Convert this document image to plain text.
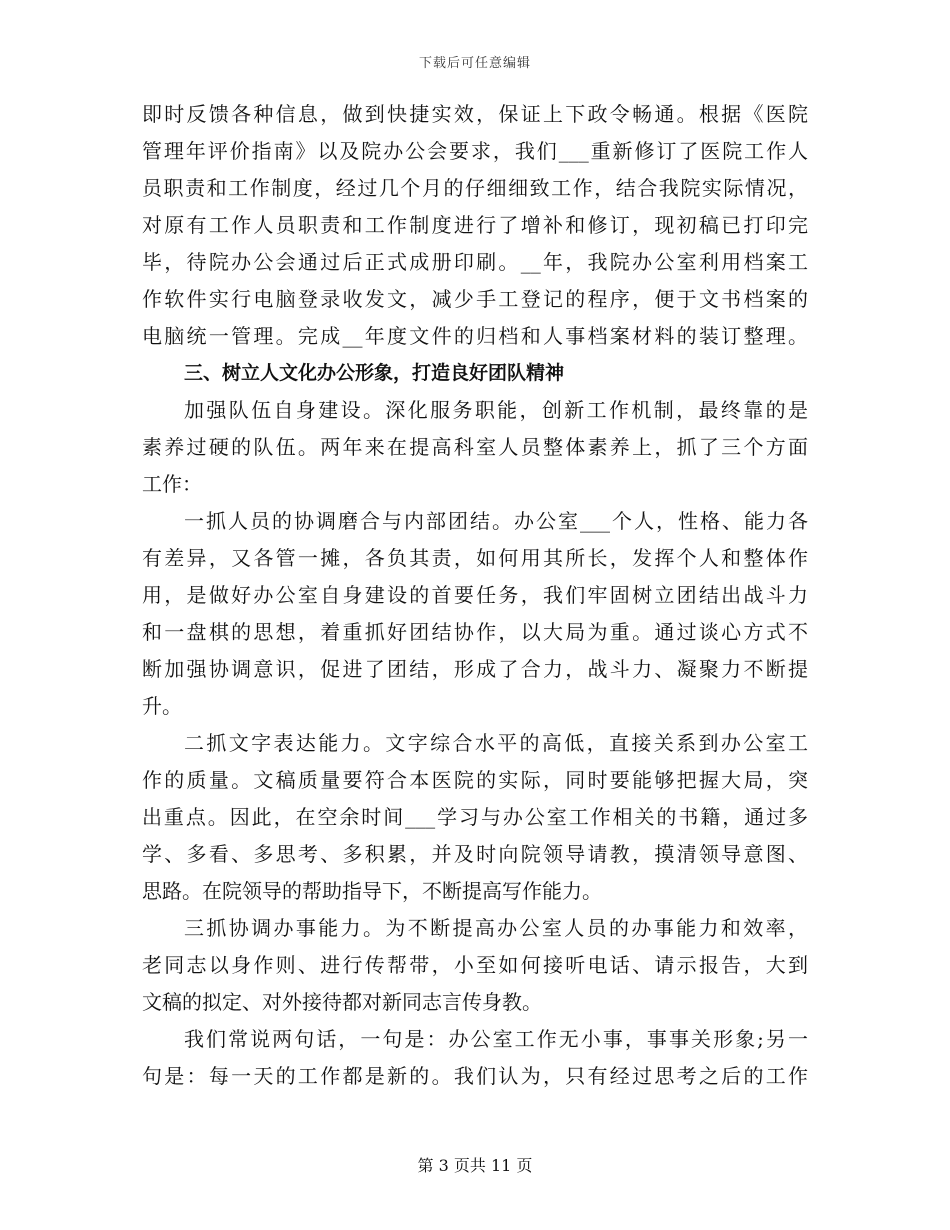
下载后可任意编辑
即时反馈各种信息，做到快捷实效，保证上下政令畅通。根据《医院
管理年评价指南》以及院办公会要求，我们___重新修订了医院工作人
员职责和工作制度，经过几个月的仔细细致工作，结合我院实际情况，
对原有工作人员职责和工作制度进行了增补和修订，现初稿已打印完
毕，待院办公会通过后正式成册印刷。__年，我院办公室利用档案工
作软件实行电脑登录收发文，减少手工登记的程序，便于文书档案的
电脑统一管理。完成__年度文件的归档和人事档案材料的装订整理。
三、树立人文化办公形象，打造良好团队精神
加强队伍自身建设。深化服务职能，创新工作机制，最终靠的是
素养过硬的队伍。两年来在提高科室人员整体素养上，抓了三个方面
工作：
一抓人员的协调磨合与内部团结。办公室___个人，性格、能力各
有差异，又各管一摊，各负其责，如何用其所长，发挥个人和整体作
用，是做好办公室自身建设的首要任务，我们牢固树立团结出战斗力
和一盘棋的思想，着重抓好团结协作，以大局为重。通过谈心方式不
断加强协调意识，促进了团结，形成了合力，战斗力、凝聚力不断提
升。
二抓文字表达能力。文字综合水平的高低，直接关系到办公室工
作的质量。文稿质量要符合本医院的实际，同时要能够把握大局，突
出重点。因此，在空余时间___学习与办公室工作相关的书籍，通过多
学、多看、多思考、多积累，并及时向院领导请教，摸清领导意图、
思路。在院领导的帮助指导下，不断提高写作能力。
三抓协调办事能力。为不断提高办公室人员的办事能力和效率，
老同志以身作则、进行传帮带，小至如何接听电话、请示报告，大到
文稿的拟定、对外接待都对新同志言传身教。
我们常说两句话，一句是：办公室工作无小事，事事关形象;另一
句是：每一天的工作都是新的。我们认为，只有经过思考之后的工作
第 3 页共 11 页
